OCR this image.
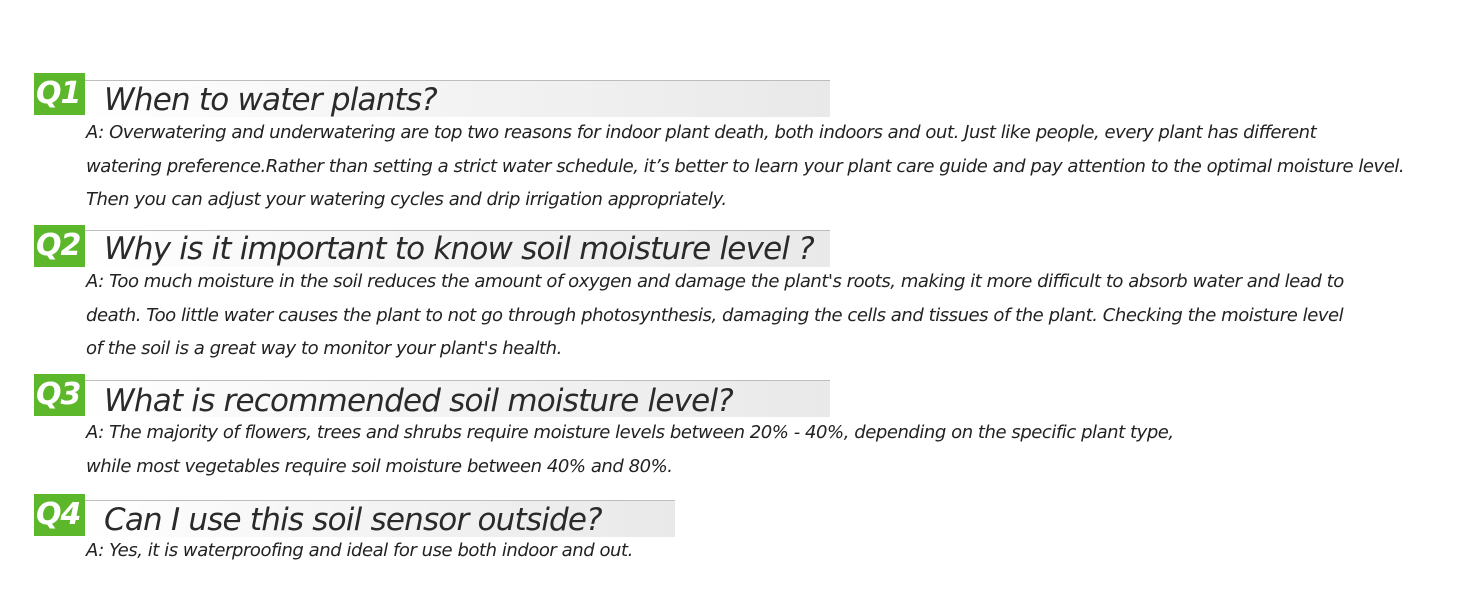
Q1 When to water plants?
A: Overwatering and underwatering are top two reasons for indoor plant death, both indoors and out. Just like people, every plant has different
watering preference.Rather than setting a strict water schedule, it’s better to learn your plant care guide and pay attention to the optimal moisture level.
Then you can adjust your watering cycles and drip irrigation appropriately.
Q2 Why is it important to know soil moisture level ?
A: Too much moisture in the soil reduces the amount of oxygen and damage the plant's roots, making it more difficult to absorb water and lead to
death. Too little water causes the plant to not go through photosynthesis, damaging the cells and tissues of the plant. Checking the moisture level
of the soil is a great way to monitor your plant's health.
Q3 What is recommended soil moisture level?
A: The majority of flowers, trees and shrubs require moisture levels between 20% - 40%, depending on the specific plant type,
while most vegetables require soil moisture between 40% and 80%.
Q4 Can I use this soil sensor outside?
A: Yes, it is waterproofing and ideal for use both indoor and out.
